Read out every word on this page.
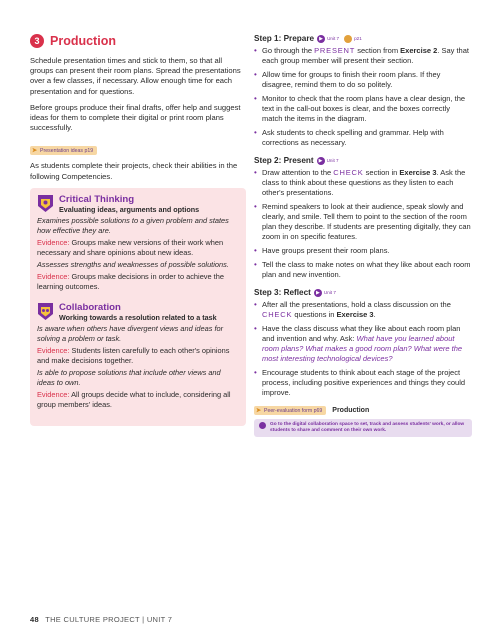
3 Production

Schedule presentation times and stick to them, so that all groups can present their room plans. Spread the presentations over a few classes, if necessary. Allow enough time for each presentation and for questions.

Before groups produce their final drafts, offer help and suggest ideas for them to complete their digital or print room plans successfully.

➤ Presentation ideas p19

As students complete their projects, check their abilities in the following Competencies.

Critical Thinking
Evaluating ideas, arguments and options
Examines possible solutions to a given problem and states how effective they are.
Evidence: Groups make new versions of their work when necessary and share opinions about new ideas.
Assesses strengths and weaknesses of possible solutions.
Evidence: Groups make decisions in order to achieve the learning outcomes.
Collaboration
Working towards a resolution related to a task
Is aware when others have divergent views and ideas for solving a problem or task.
Evidence: Students listen carefully to each other's opinions and make decisions together.
Is able to propose solutions that include other views and ideas to own.
Evidence: All groups decide what to include, considering all group members' ideas.
Step 1: Prepare	▶ Unit 7	p21
• Go through the PRESENT section from Exercise 2. Say that each group member will present their section.
• Allow time for groups to finish their room plans. If they disagree, remind them to do so politely.
• Monitor to check that the room plans have a clear design, the text in the call-out boxes is clear, and the boxes correctly match the items in the diagram.
• Ask students to check spelling and grammar. Help with corrections as necessary.
Step 2: Present	▶ Unit 7
• Draw attention to the CHECK section in Exercise 3. Ask the class to think about these questions as they listen to each other's presentations.
• Remind speakers to look at their audience, speak slowly and clearly, and smile. Tell them to point to the section of the room plan they describe. If students are presenting digitally, they can zoom in on specific features.
• Have groups present their room plans.
• Tell the class to make notes on what they like about each room plan and new invention.
Step 3: Reflect	▶ Unit 7
• After all the presentations, hold a class discussion on the CHECK questions in Exercise 3.
• Have the class discuss what they like about each room plan and invention and why. Ask: What have you learned about room plans? What makes a good room plan? What were the most interesting technological devices?
• Encourage students to think about each stage of the project process, including positive experiences and things they could improve.
➤ Peer-evaluation form p69 Production
Go to the digital collaboration space to set, track and assess students' work, or allow students to share and comment on their own work.
48 THE CULTURE PROJECT | UNIT 7
